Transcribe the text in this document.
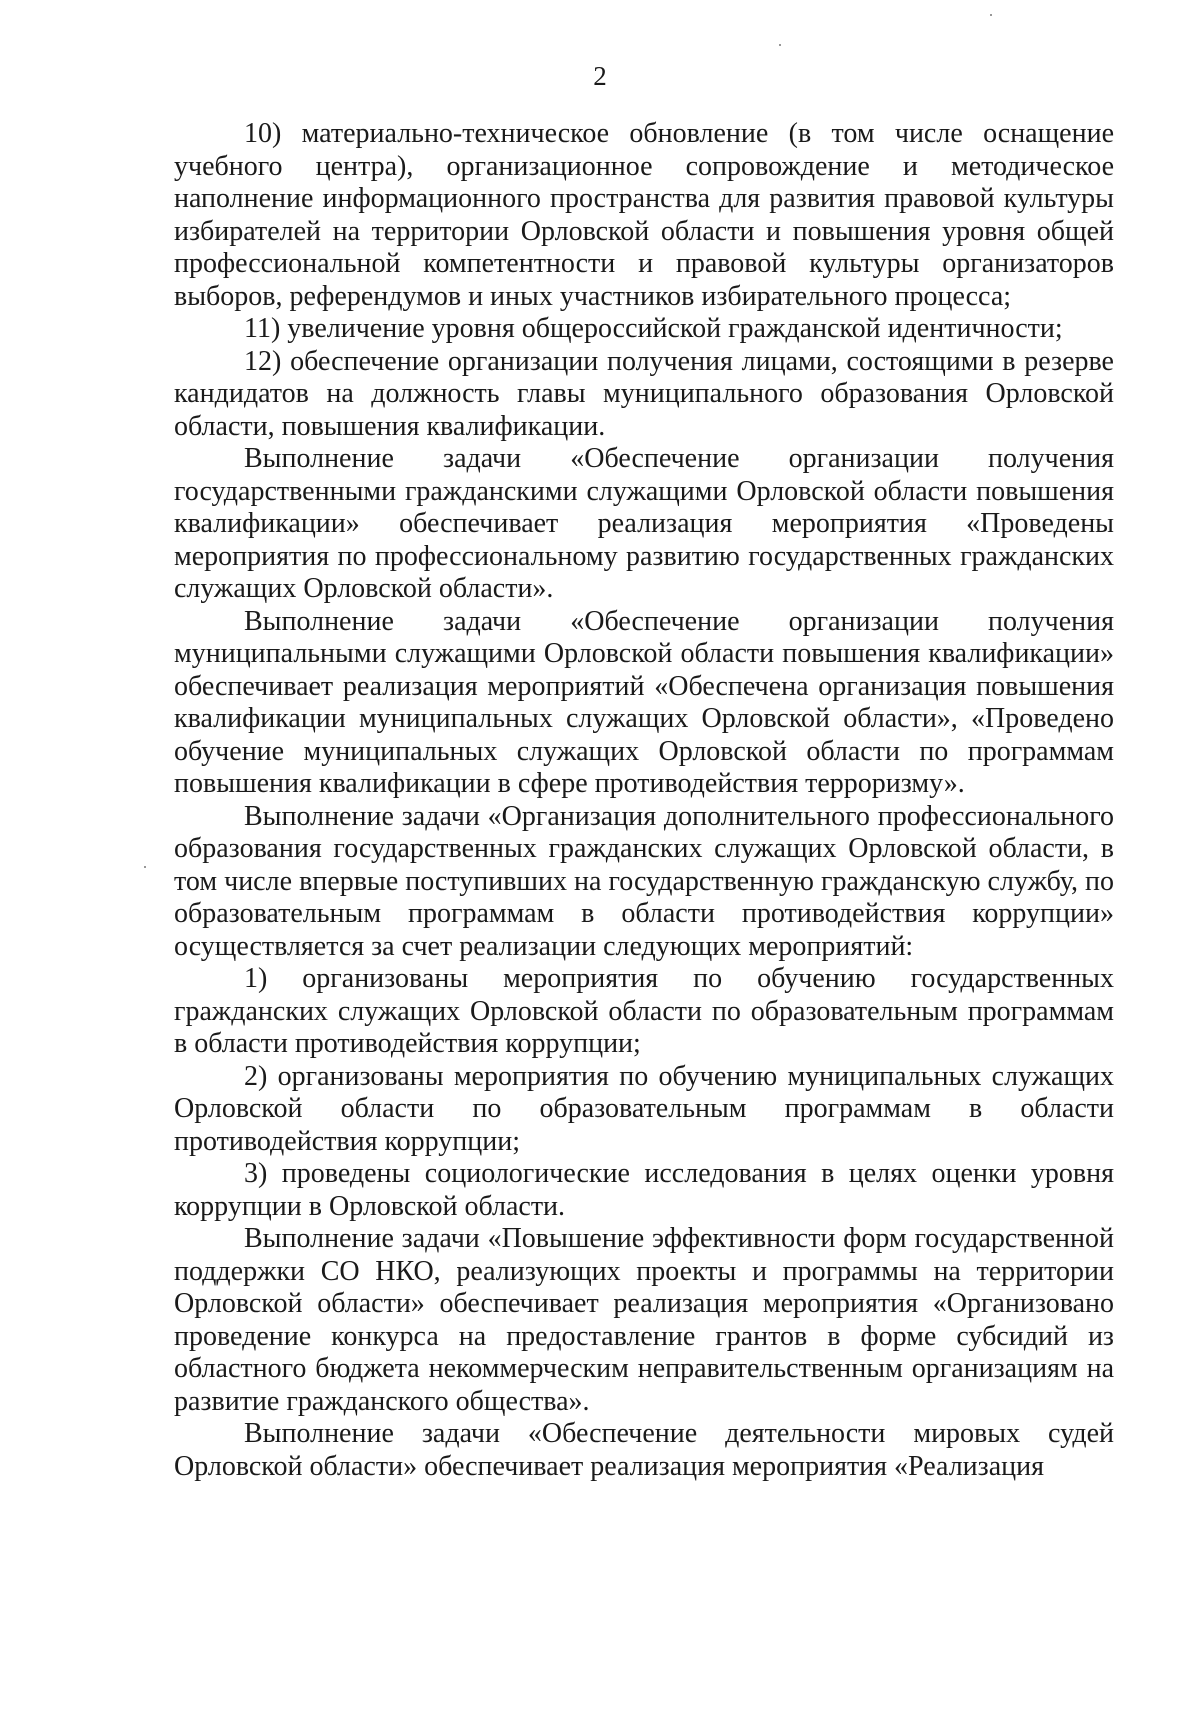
2

10) материально-техническое обновление (в том числе оснащение учебного центра), организационное сопровождение и методическое наполнение информационного пространства для развития правовой культуры избирателей на территории Орловской области и повышения уровня общей профессиональной компетентности и правовой культуры организаторов выборов, референдумов и иных участников избирательного процесса;

11) увеличение уровня общероссийской гражданской идентичности;

12) обеспечение организации получения лицами, состоящими в резерве кандидатов на должность главы муниципального образования Орловской области, повышения квалификации.

Выполнение задачи «Обеспечение организации получения государственными гражданскими служащими Орловской области повышения квалификации» обеспечивает реализация мероприятия «Проведены мероприятия по профессиональному развитию государственных гражданских служащих Орловской области».

Выполнение задачи «Обеспечение организации получения муниципальными служащими Орловской области повышения квалификации» обеспечивает реализация мероприятий «Обеспечена организация повышения квалификации муниципальных служащих Орловской области», «Проведено обучение муниципальных служащих Орловской области по программам повышения квалификации в сфере противодействия терроризму».

Выполнение задачи «Организация дополнительного профессионального образования государственных гражданских служащих Орловской области, в том числе впервые поступивших на государственную гражданскую службу, по образовательным программам в области противодействия коррупции» осуществляется за счет реализации следующих мероприятий:

1) организованы мероприятия по обучению государственных гражданских служащих Орловской области по образовательным программам в области противодействия коррупции;

2) организованы мероприятия по обучению муниципальных служащих Орловской области по образовательным программам в области противодействия коррупции;

3) проведены социологические исследования в целях оценки уровня коррупции в Орловской области.

Выполнение задачи «Повышение эффективности форм государственной поддержки СО НКО, реализующих проекты и программы на территории Орловской области» обеспечивает реализация мероприятия «Организовано проведение конкурса на предоставление грантов в форме субсидий из областного бюджета некоммерческим неправительственным организациям на развитие гражданского общества».

Выполнение задачи «Обеспечение деятельности мировых судей Орловской области» обеспечивает реализация мероприятия «Реализация
